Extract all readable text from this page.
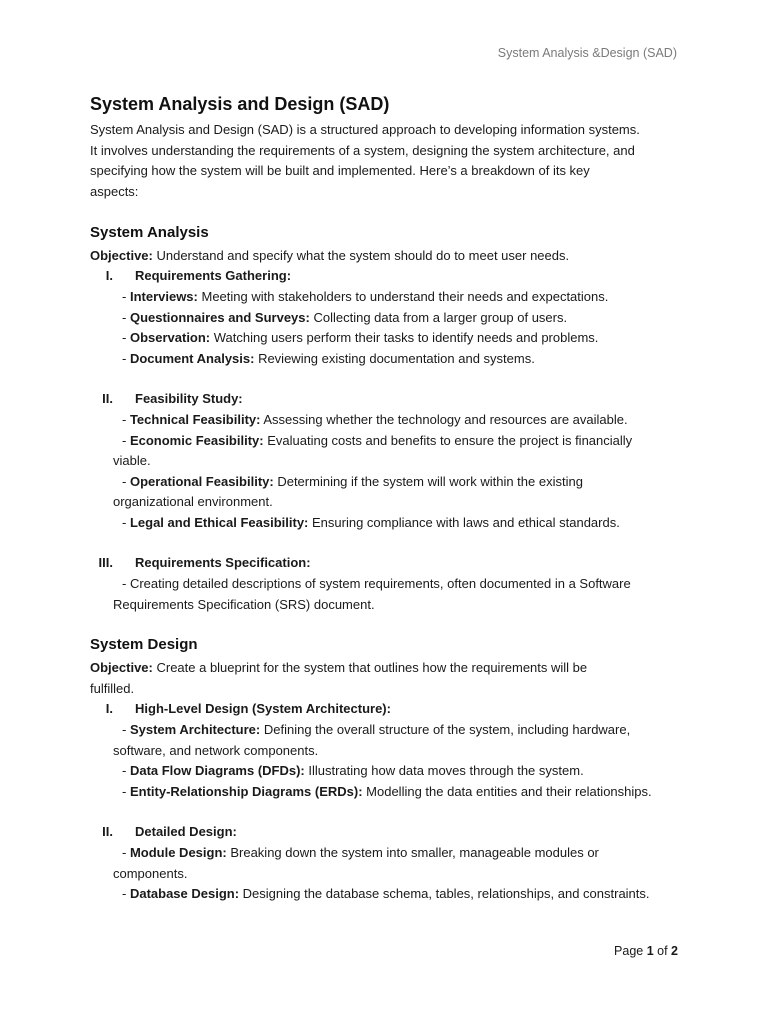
System Analysis &Design (SAD)
System Analysis and Design (SAD)
System Analysis and Design (SAD) is a structured approach to developing information systems.
It involves understanding the requirements of a system, designing the system architecture, and
specifying how the system will be built and implemented. Here’s a breakdown of its key
aspects:
System Analysis
Objective: Understand and specify what the system should do to meet user needs.
I. Requirements Gathering:
- Interviews: Meeting with stakeholders to understand their needs and expectations.
- Questionnaires and Surveys: Collecting data from a larger group of users.
- Observation: Watching users perform their tasks to identify needs and problems.
- Document Analysis: Reviewing existing documentation and systems.
II. Feasibility Study:
- Technical Feasibility: Assessing whether the technology and resources are available.
- Economic Feasibility: Evaluating costs and benefits to ensure the project is financially
viable.
- Operational Feasibility: Determining if the system will work within the existing
organizational environment.
- Legal and Ethical Feasibility: Ensuring compliance with laws and ethical standards.
III. Requirements Specification:
- Creating detailed descriptions of system requirements, often documented in a Software
Requirements Specification (SRS) document.
System Design
Objective: Create a blueprint for the system that outlines how the requirements will be
fulfilled.
I. High-Level Design (System Architecture):
- System Architecture: Defining the overall structure of the system, including hardware,
software, and network components.
- Data Flow Diagrams (DFDs): Illustrating how data moves through the system.
- Entity-Relationship Diagrams (ERDs): Modelling the data entities and their relationships.
II. Detailed Design:
- Module Design: Breaking down the system into smaller, manageable modules or
components.
- Database Design: Designing the database schema, tables, relationships, and constraints.
Page 1 of 2
